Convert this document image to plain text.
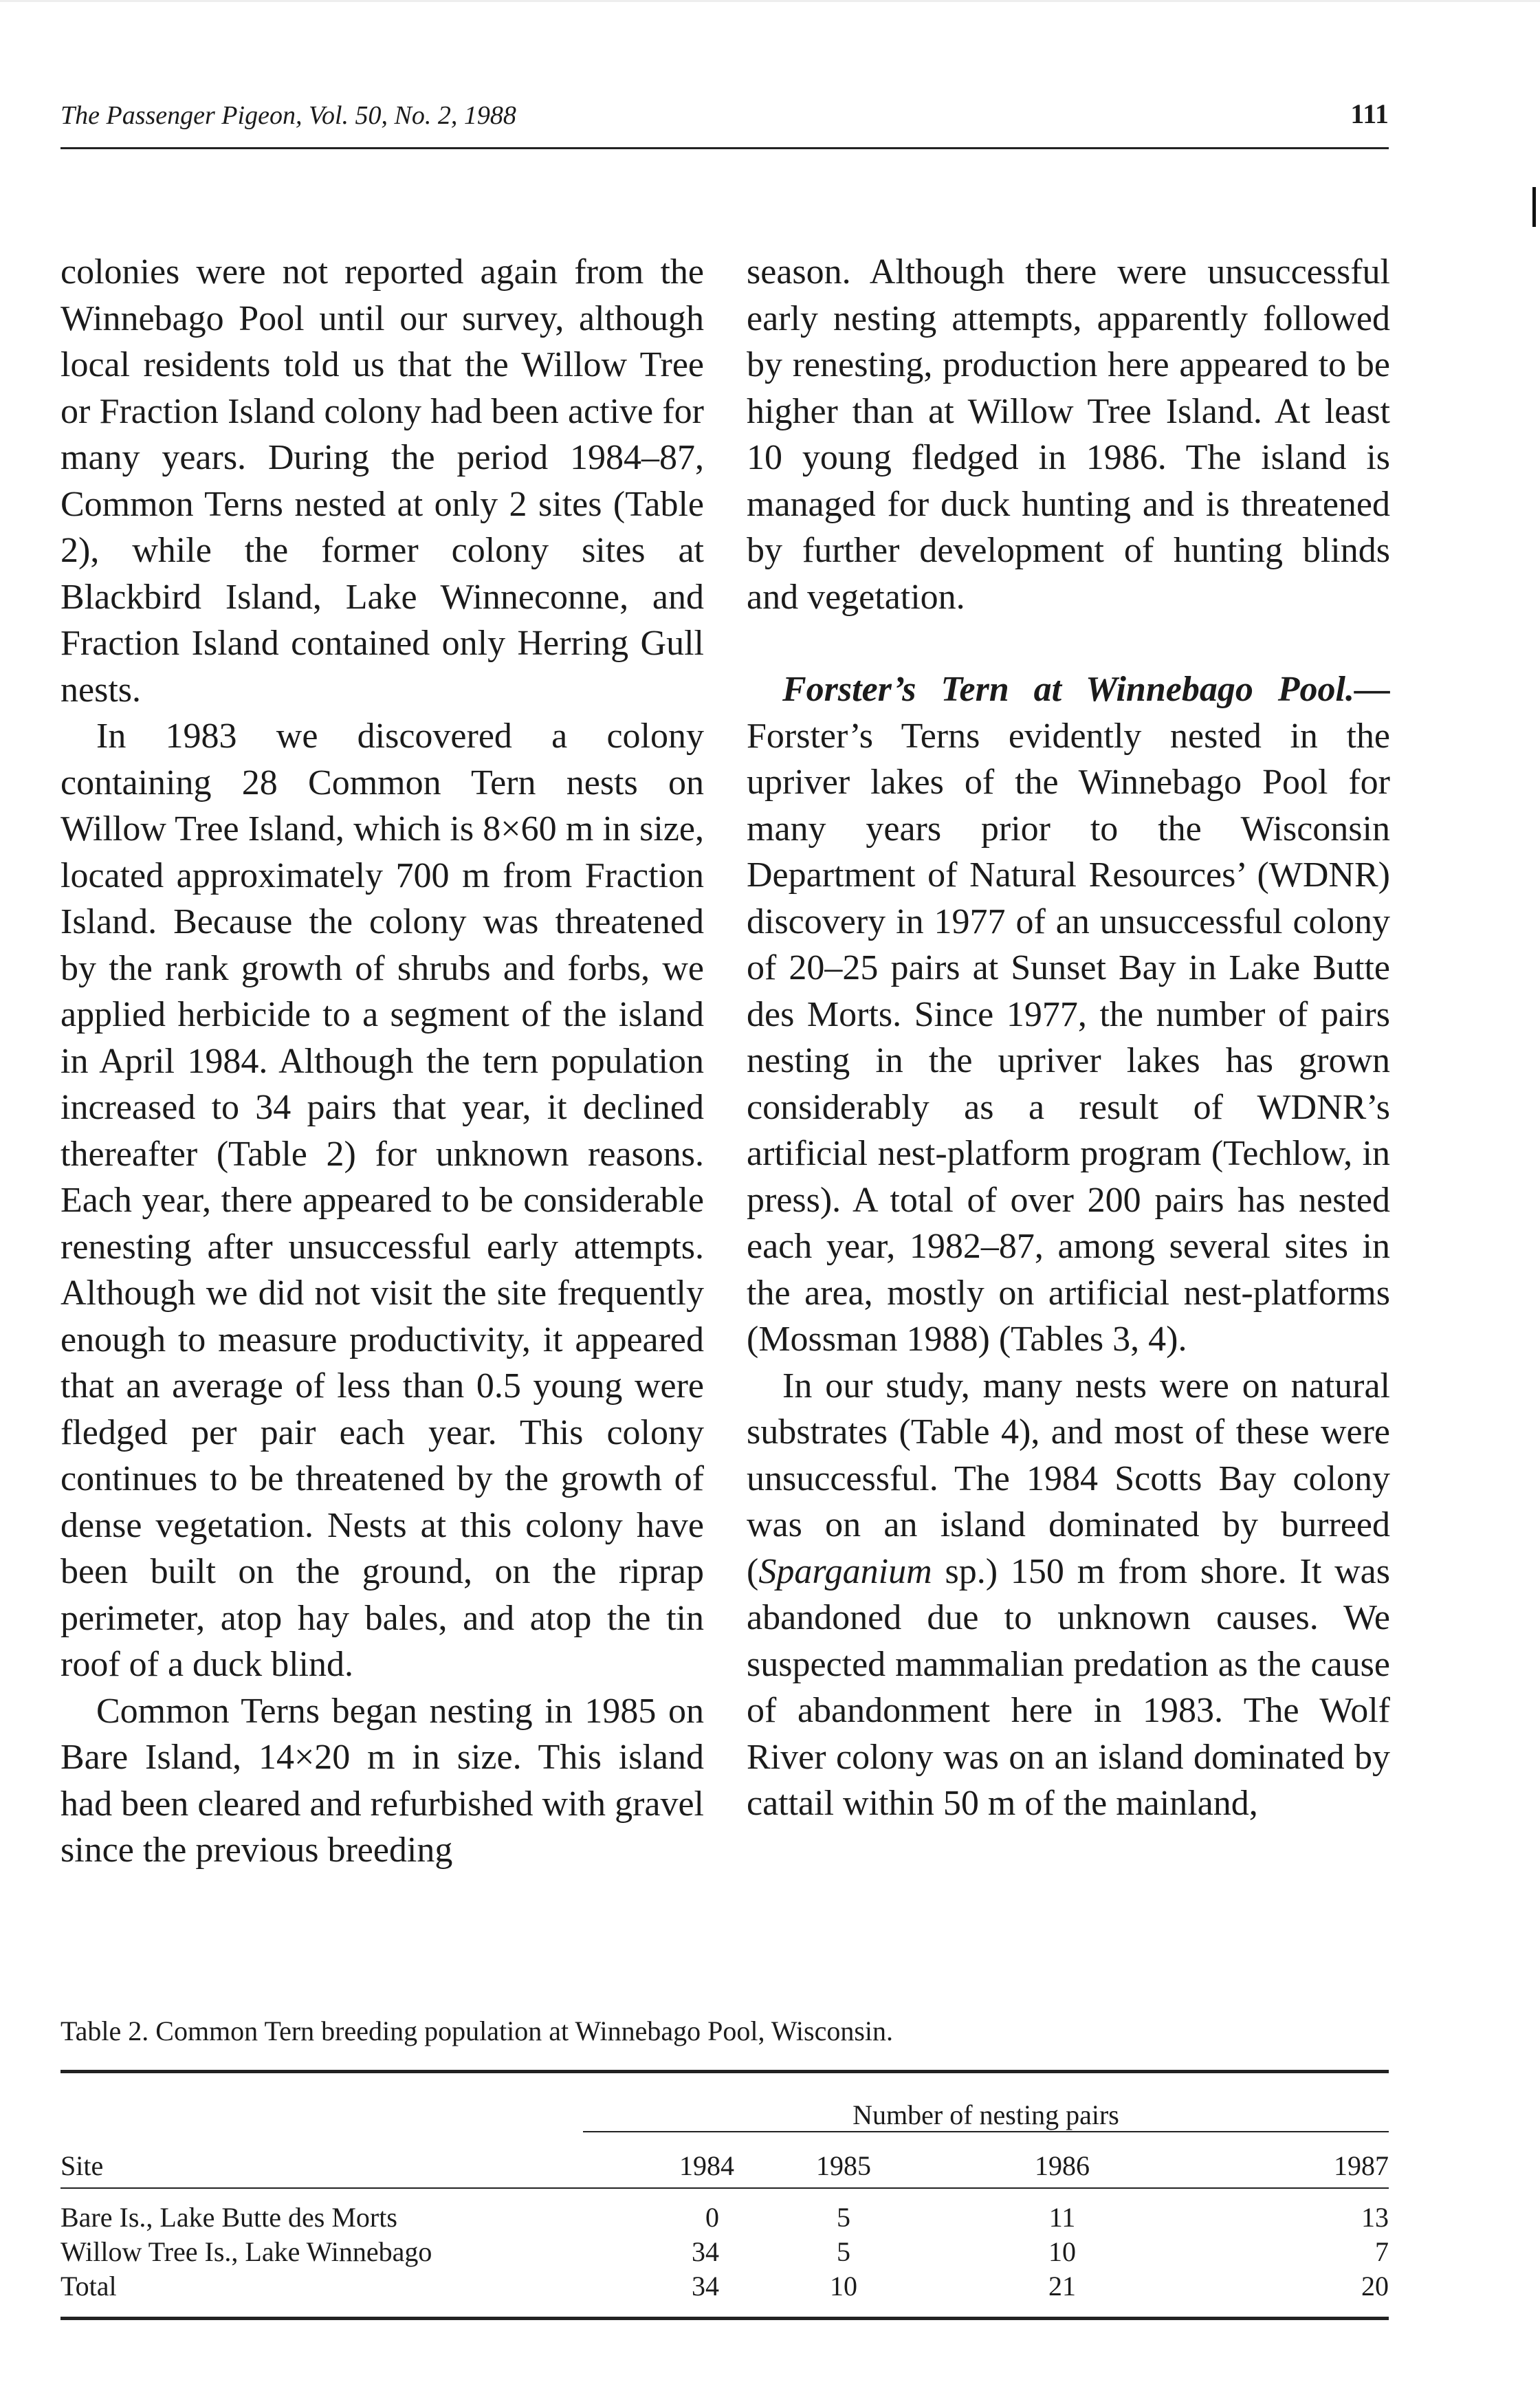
The Passenger Pigeon, Vol. 50, No. 2, 1988	111

colonies were not reported again from the Winnebago Pool until our survey, although local residents told us that the Willow Tree or Fraction Island colony had been active for many years. During the period 1984–87, Common Terns nested at only 2 sites (Table 2), while the former colony sites at Blackbird Island, Lake Winneconne, and Fraction Island contained only Herring Gull nests.

In 1983 we discovered a colony containing 28 Common Tern nests on Willow Tree Island, which is 8×60 m in size, located approximately 700 m from Fraction Island. Because the colony was threatened by the rank growth of shrubs and forbs, we applied herbicide to a segment of the island in April 1984. Although the tern population increased to 34 pairs that year, it declined thereafter (Table 2) for unknown reasons. Each year, there appeared to be considerable renesting after unsuccessful early attempts. Although we did not visit the site frequently enough to measure productivity, it appeared that an average of less than 0.5 young were fledged per pair each year. This colony continues to be threatened by the growth of dense vegetation. Nests at this colony have been built on the ground, on the riprap perimeter, atop hay bales, and atop the tin roof of a duck blind.

Common Terns began nesting in 1985 on Bare Island, 14×20 m in size. This island had been cleared and refurbished with gravel since the previous breeding

season. Although there were unsuccessful early nesting attempts, apparently followed by renesting, production here appeared to be higher than at Willow Tree Island. At least 10 young fledged in 1986. The island is managed for duck hunting and is threatened by further development of hunting blinds and vegetation.

Forster’s Tern at Winnebago Pool.— Forster’s Terns evidently nested in the upriver lakes of the Winnebago Pool for many years prior to the Wisconsin Department of Natural Resources’ (WDNR) discovery in 1977 of an unsuccessful colony of 20–25 pairs at Sunset Bay in Lake Butte des Morts. Since 1977, the number of pairs nesting in the upriver lakes has grown considerably as a result of WDNR’s artificial nest-platform program (Techlow, in press). A total of over 200 pairs has nested each year, 1982–87, among several sites in the area, mostly on artificial nest-platforms (Mossman 1988) (Tables 3, 4).

In our study, many nests were on natural substrates (Table 4), and most of these were unsuccessful. The 1984 Scotts Bay colony was on an island dominated by burreed (Sparganium sp.) 150 m from shore. It was abandoned due to unknown causes. We suspected mammalian predation as the cause of abandonment here in 1983. The Wolf River colony was on an island dominated by cattail within 50 m of the mainland,

Table 2. Common Tern breeding population at Winnebago Pool, Wisconsin.

	Number of nesting pairs			

Site	1984	1985	1986	1987
Bare Is., Lake Butte des Morts	0	5	11	13
Willow Tree Is., Lake Winnebago	34	5	10	7
Total	34	10	21	20
